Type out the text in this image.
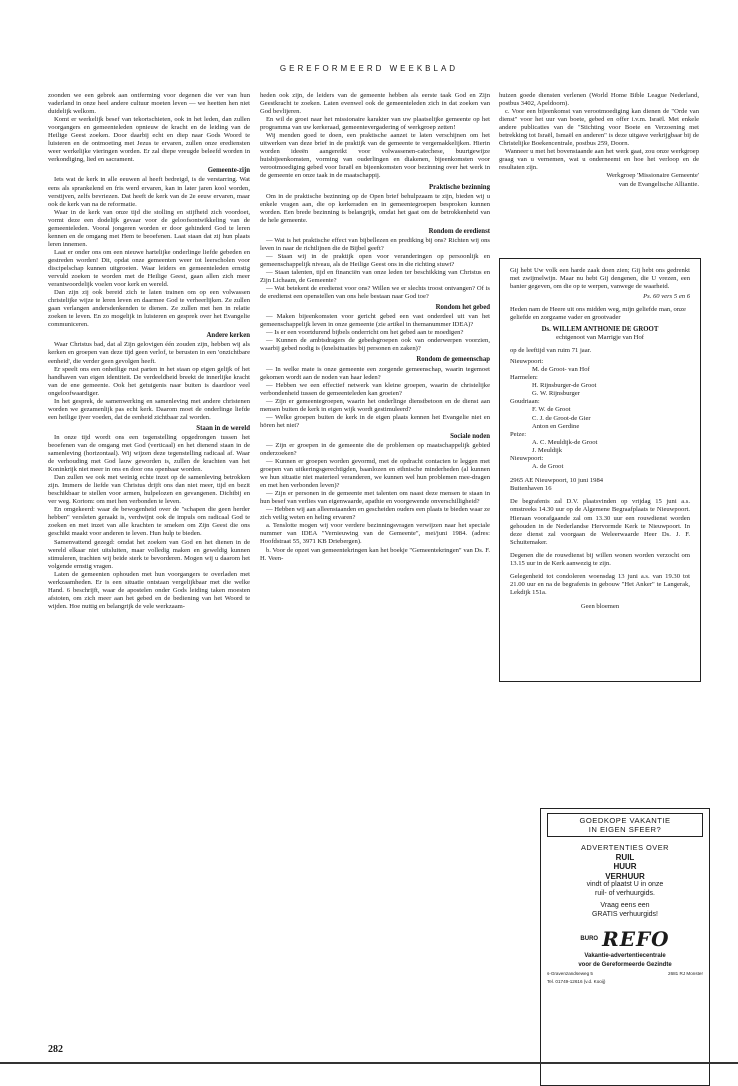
GEREFORMEERD WEEKBLAD

zoonden we een gebrek aan ontferming voor degenen die ver van hun vaderland in onze heel andere cultuur moeten leven — we heetten hen niet duidelijk welkom.

Komt er werkelijk besef van tekortschieten, ook in het leden, dan zullen voorgangers en gemeenteleden opnieuw de kracht en de leiding van de Heilige Geest zoeken. Door daarbij echt en diep naar Gods Woord te luisteren en de ontmoeting met Jezus te ervaren, zullen onze erediensten weer werkelijke vieringen worden. Er zal diepe vreugde beleefd worden in verkondiging, lied en sacrament.

Gemeente-zijn

Iets wat de kerk in alle eeuwen al heeft bedreigd, is de verstarring. Wat eens als sprankelend en fris werd ervaren, kan in later jaren kool worden, verstijven, zelfs bevriezen. Dat heeft de kerk van de 2e eeuw ervaren, maar ook de kerk van na de reformatie.

Waar in de kerk van onze tijd die stolling en stijfheid zich voordoet, vormt deze een dodelijk gevaar voor de geloofsontwikkeling van de gemeenteleden. Vooral jongeren worden er door gehinderd God te leren kennen en de omgang met Hem te beoefenen. Laat staan dat zij hun plaats leren innemen.

Laat er onder ons om een nieuwe hartelijke onderlinge liefde gebeden en gestreden worden! Dit, opdat onze gemeenten weer tot leerscholen voor discipelschap kunnen uitgroeien. Waar leiders en gemeenteleden ernstig vervuld zoeken te worden met de Heilige Geest, gaan allen zich meer verantwoordelijk voelen voor kerk en wereld.

Dan zijn zij ook bereid zich te laten trainen om op een volwassen christelijke wijze te leren leven en daarmee God te verheerlijken. Ze zullen gaan verlangen andersdenkenden te dienen. Ze zullen met hen in relatie zoeken te leven. En zo mogelijk in luisteren en gesprek over het Evangelie communiceren.

Andere kerken

Waar Christus bad, dat al Zijn gelovigen één zouden zijn, hebben wij als kerken en groepen van deze tijd geen verlof, te berusten in een 'onzichtbare eenheid', die verder geen gevolgen heeft.

Er speelt ons een onheilige rust parten in het staan op eigen gelijk of het handhaven van eigen identiteit. De verdeeldheid breekt de innerlijke kracht van de ene gemeente. Ook het getuigenis naar buiten is daardoor veel ongeloofwaardiger.

In het gesprek, de samenwerking en samenleving met andere christenen worden we gezamenlijk pas echt kerk. Daarom moet de onderlinge liefde een heilige ijver voeden, dat de eenheid zichtbaar zal worden.

Staan in de wereld

In onze tijd wordt ons een tegenstelling opgedrongen tussen het beoefenen van de omgang met God (verticaal) en het dienend staan in de samenleving (horizontaal). Wij wijzen deze tegenstelling radicaal af. Waar de verhouding met God lauw geworden is, zullen de krachten van het Koninkrijk niet meer in ons en door ons openbaar worden.

Dan zullen we ook met weinig echte inzet op de samenleving betrokken zijn. Immers de liefde van Christus drijft ons dan niet meer, tijd en bezit beschikbaar te stellen voor armen, hulpelozen en gevangenen. Dichtbij en ver weg. Kortom: om met hen verbonden te leven.

En omgekeerd: waar de bewogenheid over de "schapen die geen herder hebben" versleten geraakt is, verdwijnt ook de impuls om radicaal God te zoeken en met inzet van alle krachten te smeken om Zijn Geest die ons geschikt maakt voor anderen te leven. Hun hulp te bieden.

Samenvattend gezegd: omdat het zoeken van God en het dienen in de wereld elkaar niet uitsluiten, maar volledig maken en geweldig kunnen stimuleren, trachten wij beide sterk te bevorderen. Mogen wij u daarom het volgende ernstig vragen.

Laten de gemeenten ophouden met hun voorgangers te overladen met werkzaamheden. Er is een situatie ontstaan vergelijkbaar met die welke Hand. 6 beschrijft, waar de apostelen onder Gods leiding taken moesten afstoten, om zich meer aan het gebed en de bediening van het Woord te wijden. Hoe nuttig en belangrijk de vele werkzaam-

heden ook zijn, de leiders van de gemeente hebben als eerste taak God en Zijn Geestkracht te zoeken. Laten evenwel ook de gemeenteleden zich in dat zoeken van God bevlijeren.

En wil de groei naar het missionaire karakter van uw plaatselijke gemeente op het programma van uw kerkeraad, gemeentevergadering of werkgroep zetten!

Wij menden goed te doen, een praktische aanzet te laten verschijnen om het uitwerken van deze brief in de praktijk van de gemeente te vergemakkelijken. Hierin worden ideeën aangereikt voor volwassenen-catechese, buurtgewijze huisbijeenkomsten, vorming van ouderlingen en diakenen, bijeenkomsten voor verootmoediging gebed voor Israël en bijeenkomsten voor bezinning over het werk in de gemeente en onze taak in de maatschappij.

Praktische bezinning

Om in de praktische bezinning op de Open brief behulpzaam te zijn, bieden wij u enkele vragen aan, die op kerkeraden en in gemeentegroepen besproken kunnen worden. Een brede bezinning is belangrijk, omdat het gaat om de betrokkenheid van de hele gemeente.

Rondom de eredienst

— Wat is het praktische effect van bijbellezen en prediking bij ons? Richten wij ons leven in naar de richtlijnen die de Bijbel geeft?

— Staan wij in de praktijk open voor veranderingen op persoonlijk en gemeenschappelijk niveau, als de Heilige Geest ons in die richting stuwt?

— Staan talenten, tijd en financiën van onze leden ter beschikking van Christus en Zijn Lichaam, de Gemeente?

— Wat betekent de eredienst voor ons? Willen we er slechts troost ontvangen? Of is de eredienst een openstellen van ons hele bestaan naar God toe?

Rondom het gebed

— Maken bijeenkomsten voor gericht gebed een vast onderdeel uit van het gemeenschappelijk leven in onze gemeente (zie artikel in themanummer IDEA)?

— Is er een voortdurend bijbels onderricht om het gebed aan te moedigen?

— Kunnen de ambtsdragers de gebedsgroepen ook van onderwerpen voorzien, waarbij gebed nodig is (knelsituaties bij personen en zaken)?

Rondom de gemeenschap

— In welke mate is onze gemeente een zorgende gemeenschap, waarin tegemoet gekomen wordt aan de noden van haar leden?

— Hebben we een effectief netwerk van kleine groepen, waarin de christelijke verbondenheid tussen de gemeenteleden kan groeien?

— Zijn er gemeentegroepen, waarin het onderlinge dienstbetoon en de dienst aan mensen buiten de kerk in eigen wijk wordt gestimuleerd?

— Welke groepen buiten de kerk in de eigen plaats kennen het Evangelie niet en hören het niet?

Sociale noden

— Zijn er groepen in de gemeente die de problemen op maatschappelijk gebied onderzoeken?

— Kunnen er groepen worden gevormd, met de opdracht contacten te leggen met groepen van uitkeringsgerechtigden, baanlozen en ethnische minderheden (al kunnen we hun situatie niet materieel veranderen, we kunnen wel hun problemen mee-dragen en met hen verbonden leven)?

— Zijn er personen in de gemeente met talenten om naast deze mensen te staan in hun besef van verlies van eigenwaarde, apathie en voorgewende onverschilligheid?

— Hebben wij aan alleenstaanden en gescheiden ouders een plaats te bieden waar ze zich veilig weten en heling ervaren?

a. Tenslotte mogen wij voor verdere bezinningsvragen verwijzen naar het speciale nummer van IDEA "Vernieuwing van de Gemeente", mei/juni 1984. (adres: Hoofdstraat 55, 3971 KB Driebergen).

b. Voor de opzet van gemeentekringen kan het boekje "Gemeentekringen" van Ds. F. H. Veen-

huizen goede diensten verlenen (World Home Bible League Nederland, postbus 3402, Apeldoorn).

c. Voor een bijeenkomst van verootmoediging kan dienen de "Orde van dienst" voor het uur van boete, gebed en offer i.v.m. Israël. Met enkele andere publicaties van de "Stichting voor Boete en Verzoening met betrekking tot Israël, Ismaël en anderen" is deze uitgave verkrijgbaar bij de Christelijke Boekencentrale, postbus 259, Doorn.

Wanneer u met het bovenstaande aan het werk gaat, zou onze werkgroep graag van u vernemen, wat u onderneemt en hoe het verloop en de resultaten zijn.

Werkgroep 'Missionaire Gemeente'

van de Evangelische Alliantie.

Gij hebt Uw volk een harde zaak doen zien; Gij hebt ons gedrenkt met zwijmelwijn. Maar nu hebt Gij dengenen, die U vrezen, een banier gegeven, om die op te werpen, vanwege de waarheid.

Ps. 60 vers 5 en 6

Heden nam de Heere uit ons midden weg, mijn geliefde man, onze geliefde en zorgzame vader en grootvader

Ds. WILLEM ANTHONIE DE GROOT

echtgenoot van Marrigje van Hof

op de leeftijd van ruim 71 jaar.

Nieuwpoort:

M. de Groot- van Hof

Harmelen:

H. Rijnsburger-de Groot

G. W. Rijnsburger

Goudriaan:

F. W. de Groot

C. J. de Groot-de Gier

Anton en Gerdine

Peize:

A. C. Meuldijk-de Groot

J. Meuldijk

Nieuwpoort:

A. de Groot

2965 AE Nieuwpoort, 10 juni 1984

Buitenhaven 16

De begrafenis zal D.V. plaatsvinden op vrijdag 15 juni a.s. omstreeks 14.30 uur op de Algemene Begraafplaats te Nieuwpoort. Hieraan voorafgaande zal om 13.30 uur een rouwdienst worden gehouden in de Nederlandse Hervormde Kerk te Nieuwpoort. In deze dienst zal voorgaan de Weleerwaarde Heer Ds. J. F. Schuitemaker.

Degenen die de rouwdienst bij willen wonen worden verzocht om 13.15 uur in de Kerk aanwezig te zijn.

Gelegenheid tot condoleren woensdag 13 juni a.s. van 19.30 tot 21.00 uur en na de begrafenis in gebouw "Het Anker" te Langerak, Lekdijk 151a.

Geen bloemen

GOEDKOPE VAKANTIE
IN EIGEN SFEER?
ADVERTENTIES OVER
RUIL
HUUR
VERHUUR
vindt of plaatst U in onze
ruil- of verhuurgids.
Vraag eens een
GRATIS verhuurgids!
BURO REFO
Vakantie-advertentiecentrale
voor de Gereformeerde Gezindte
s-Gravenzandseweg 5	2681 RJ Monster
Tel. 01749-12616 (v.d. Kooij)
282
